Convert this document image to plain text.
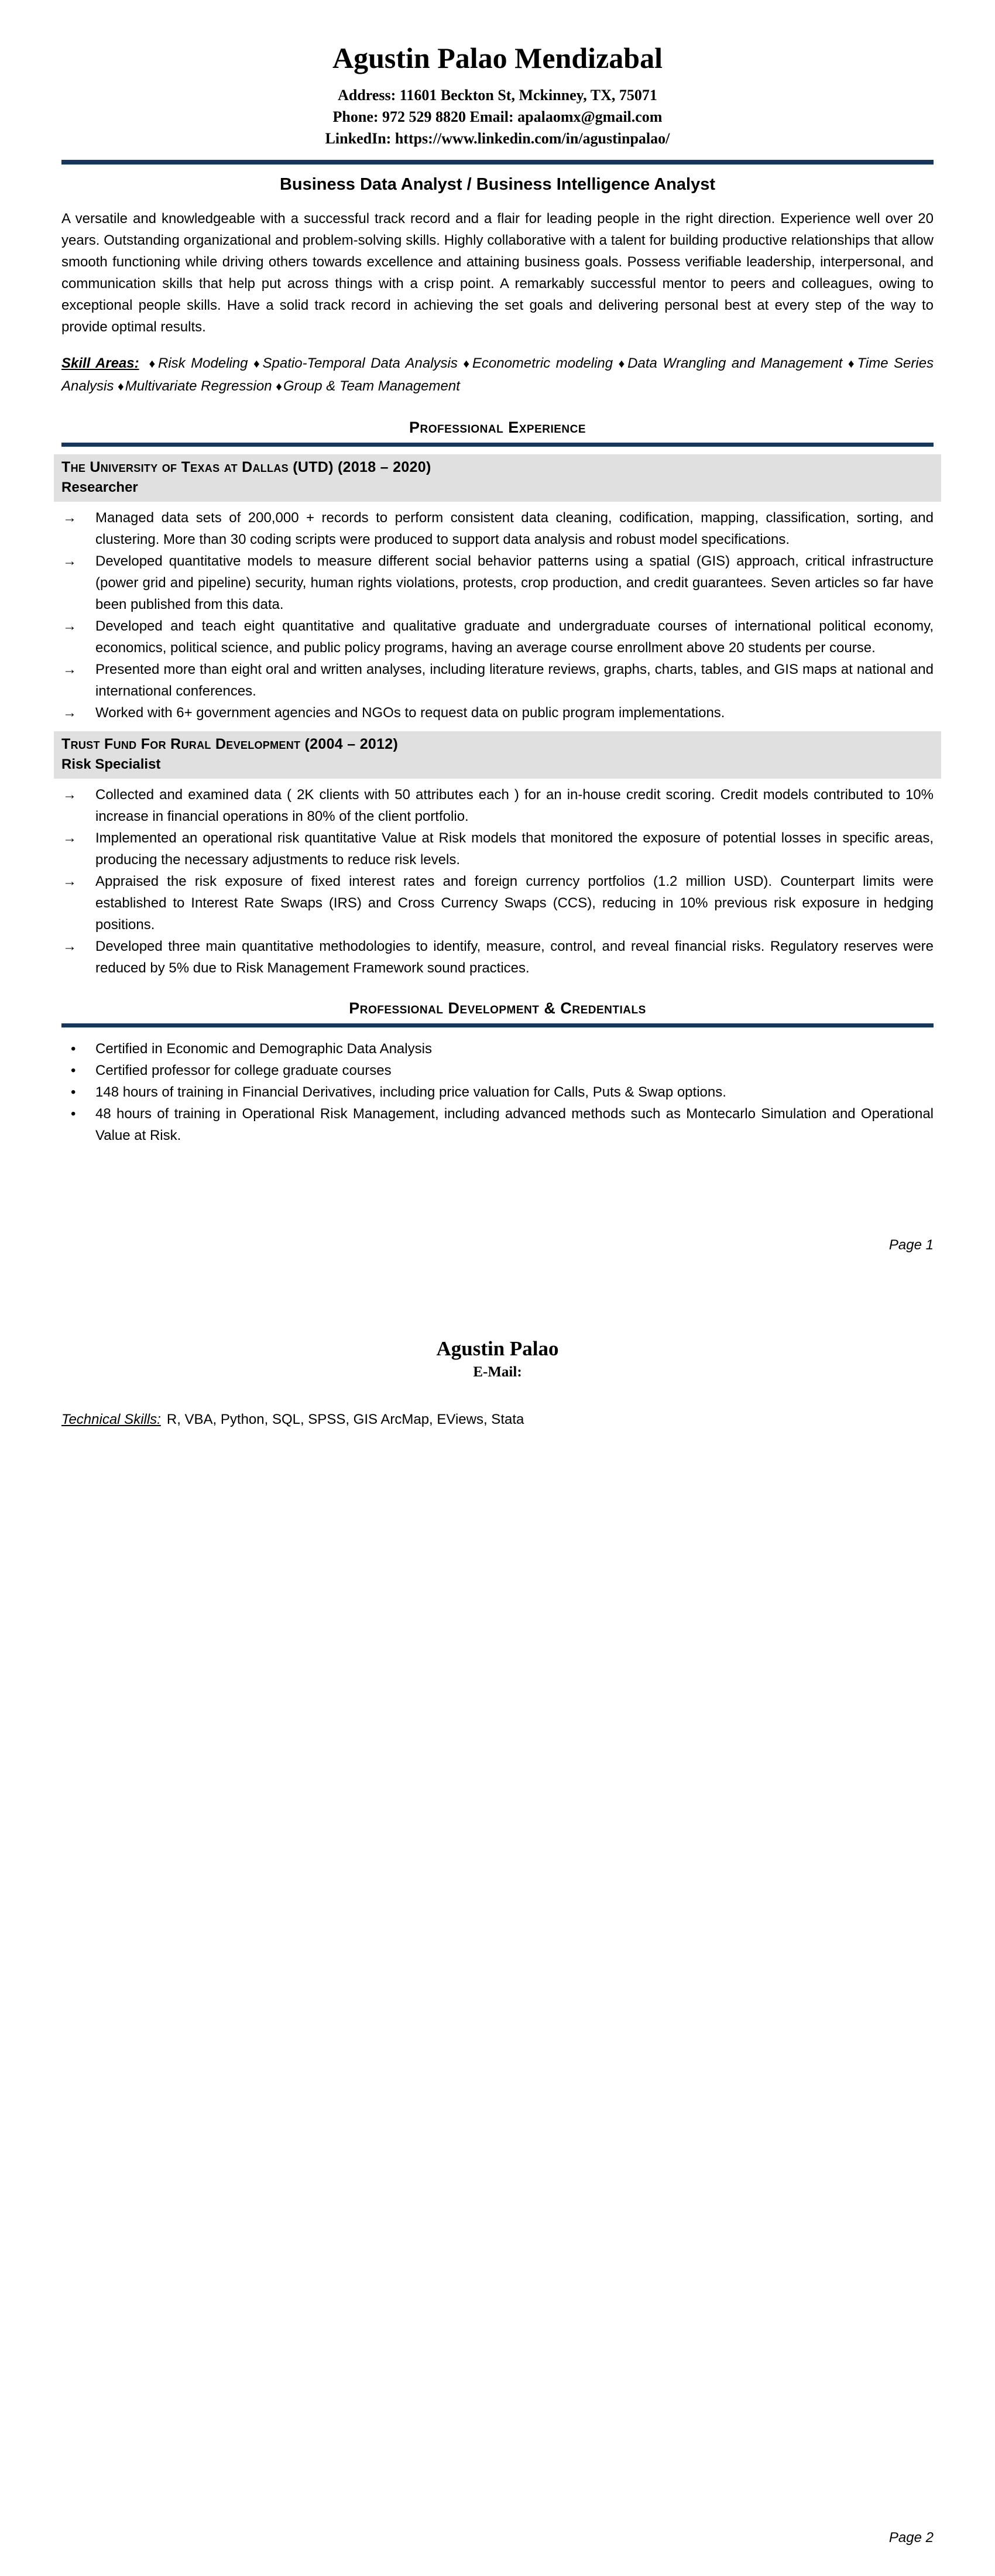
Agustin Palao Mendizabal
Address: 11601 Beckton St, Mckinney, TX, 75071
Phone: 972 529 8820 Email: apalaomx@gmail.com
LinkedIn: https://www.linkedin.com/in/agustinpalao/
Business Data Analyst / Business Intelligence Analyst

A versatile and knowledgeable with a successful track record and a flair for leading people in the right direction. Experience well over 20 years. Outstanding organizational and problem-solving skills. Highly collaborative with a talent for building productive relationships that allow smooth functioning while driving others towards excellence and attaining business goals. Possess verifiable leadership, interpersonal, and communication skills that help put across things with a crisp point. A remarkably successful mentor to peers and colleagues, owing to exceptional people skills. Have a solid track record in achieving the set goals and delivering personal best at every step of the way to provide optimal results.

Skill Areas: ♦Risk Modeling ♦Spatio-Temporal Data Analysis ♦Econometric modeling ♦Data Wrangling and Management ♦Time Series Analysis ♦Multivariate Regression ♦Group & Team Management

Professional Experience
The University of Texas at Dallas (UTD) (2018 – 2020)
Researcher
→	Managed data sets of 200,000 + records to perform consistent data cleaning, codification, mapping, classification, sorting, and clustering. More than 30 coding scripts were produced to support data analysis and robust model specifications.
→	Developed quantitative models to measure different social behavior patterns using a spatial (GIS) approach, critical infrastructure (power grid and pipeline) security, human rights violations, protests, crop production, and credit guarantees. Seven articles so far have been published from this data.
→	Developed and teach eight quantitative and qualitative graduate and undergraduate courses of international political economy, economics, political science, and public policy programs, having an average course enrollment above 20 students per course.
→	Presented more than eight oral and written analyses, including literature reviews, graphs, charts, tables, and GIS maps at national and international conferences.
→	Worked with 6+ government agencies and NGOs to request data on public program implementations.
Trust Fund For Rural Development (2004 – 2012)
Risk Specialist
→	Collected and examined data ( 2K clients with 50 attributes each ) for an in-house credit scoring. Credit models contributed to 10% increase in financial operations in 80% of the client portfolio.
→	Implemented an operational risk quantitative Value at Risk models that monitored the exposure of potential losses in specific areas, producing the necessary adjustments to reduce risk levels.
→	Appraised the risk exposure of fixed interest rates and foreign currency portfolios (1.2 million USD). Counterpart limits were established to Interest Rate Swaps (IRS) and Cross Currency Swaps (CCS), reducing in 10% previous risk exposure in hedging positions.
→	Developed three main quantitative methodologies to identify, measure, control, and reveal financial risks. Regulatory reserves were reduced by 5% due to Risk Management Framework sound practices.
Professional Development & Credentials
•	Certified in Economic and Demographic Data Analysis
•	Certified professor for college graduate courses
•	148 hours of training in Financial Derivatives, including price valuation for Calls, Puts & Swap options.
•	48 hours of training in Operational Risk Management, including advanced methods such as Montecarlo Simulation and Operational Value at Risk.
Page 1
Agustin Palao
E-Mail:

Technical Skills: R, VBA, Python, SQL, SPSS, GIS ArcMap, EViews, Stata

Page 2
